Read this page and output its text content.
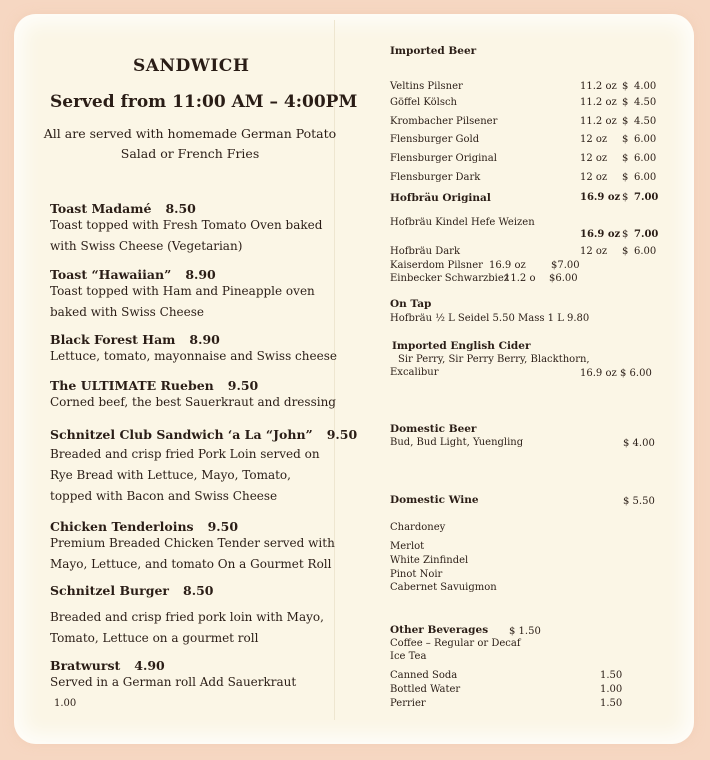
SANDWICH
Served from 11:00 AM – 4:00PM
All are served with homemade German Potato Salad or French Fries
Toast Madamé 8.50
Toast topped with Fresh Tomato Oven baked
with Swiss Cheese (Vegetarian)
Toast “Hawaiian” 8.90
Toast topped with Ham and Pineapple oven
baked with Swiss Cheese
Black Forest Ham 8.90
Lettuce, tomato, mayonnaise and Swiss cheese
The ULTIMATE Rueben 9.50
Corned beef, the best Sauerkraut and dressing
Schnitzel Club Sandwich ‘a La “John” 9.50
Breaded and crisp fried Pork Loin served on
Rye Bread with Lettuce, Mayo, Tomato,
topped with Bacon and Swiss Cheese
Chicken Tenderloins 9.50
Premium Breaded Chicken Tender served with
Mayo, Lettuce, and tomato On a Gourmet Roll
Schnitzel Burger 8.50
Breaded and crisp fried pork loin with Mayo,
Tomato, Lettuce on a gourmet roll
Bratwurst 4.90
Served in a German roll Add Sauerkraut
1.00
Imported Beer
Veltins Pilsner	11.2 oz $ 4.00
Göffel Kölsch	11.2 oz $ 4.50
Krombacher Pilsener	11.2 oz $ 4.50
Flensburger Gold	12 oz $ 6.00
Flensburger Original	12 oz $ 6.00
Flensburger Dark	12 oz $ 6.00
Hofbräu Original	16.9 oz $ 7.00
Hofbräu Kindel Hefe Weizen
16.9 oz $ 7.00
Hofbräu Dark	12 oz $ 6.00
Kaiserdom Pilsner 16.9 oz	$7.00
Einbecker Schwarzbiez
11.2 o $6.00
On Tap
Hofbräu ½ L Seidel 5.50 Mass 1 L 9.80
Imported English Cider
Sir Perry, Sir Perry Berry, Blackthorn,
Excalibur	16.9 oz $ 6.00
Domestic Beer
Bud, Bud Light, Yuengling	$ 4.00
Domestic Wine	$ 5.50
Chardoney
Merlot
White Zinfindel
Pinot Noir
Cabernet Savuigmon
Other Beverages $ 1.50
Coffee – Regular or Decaf
Ice Tea
Canned Soda	1.50
Bottled Water	1.00
Perrier	1.50
